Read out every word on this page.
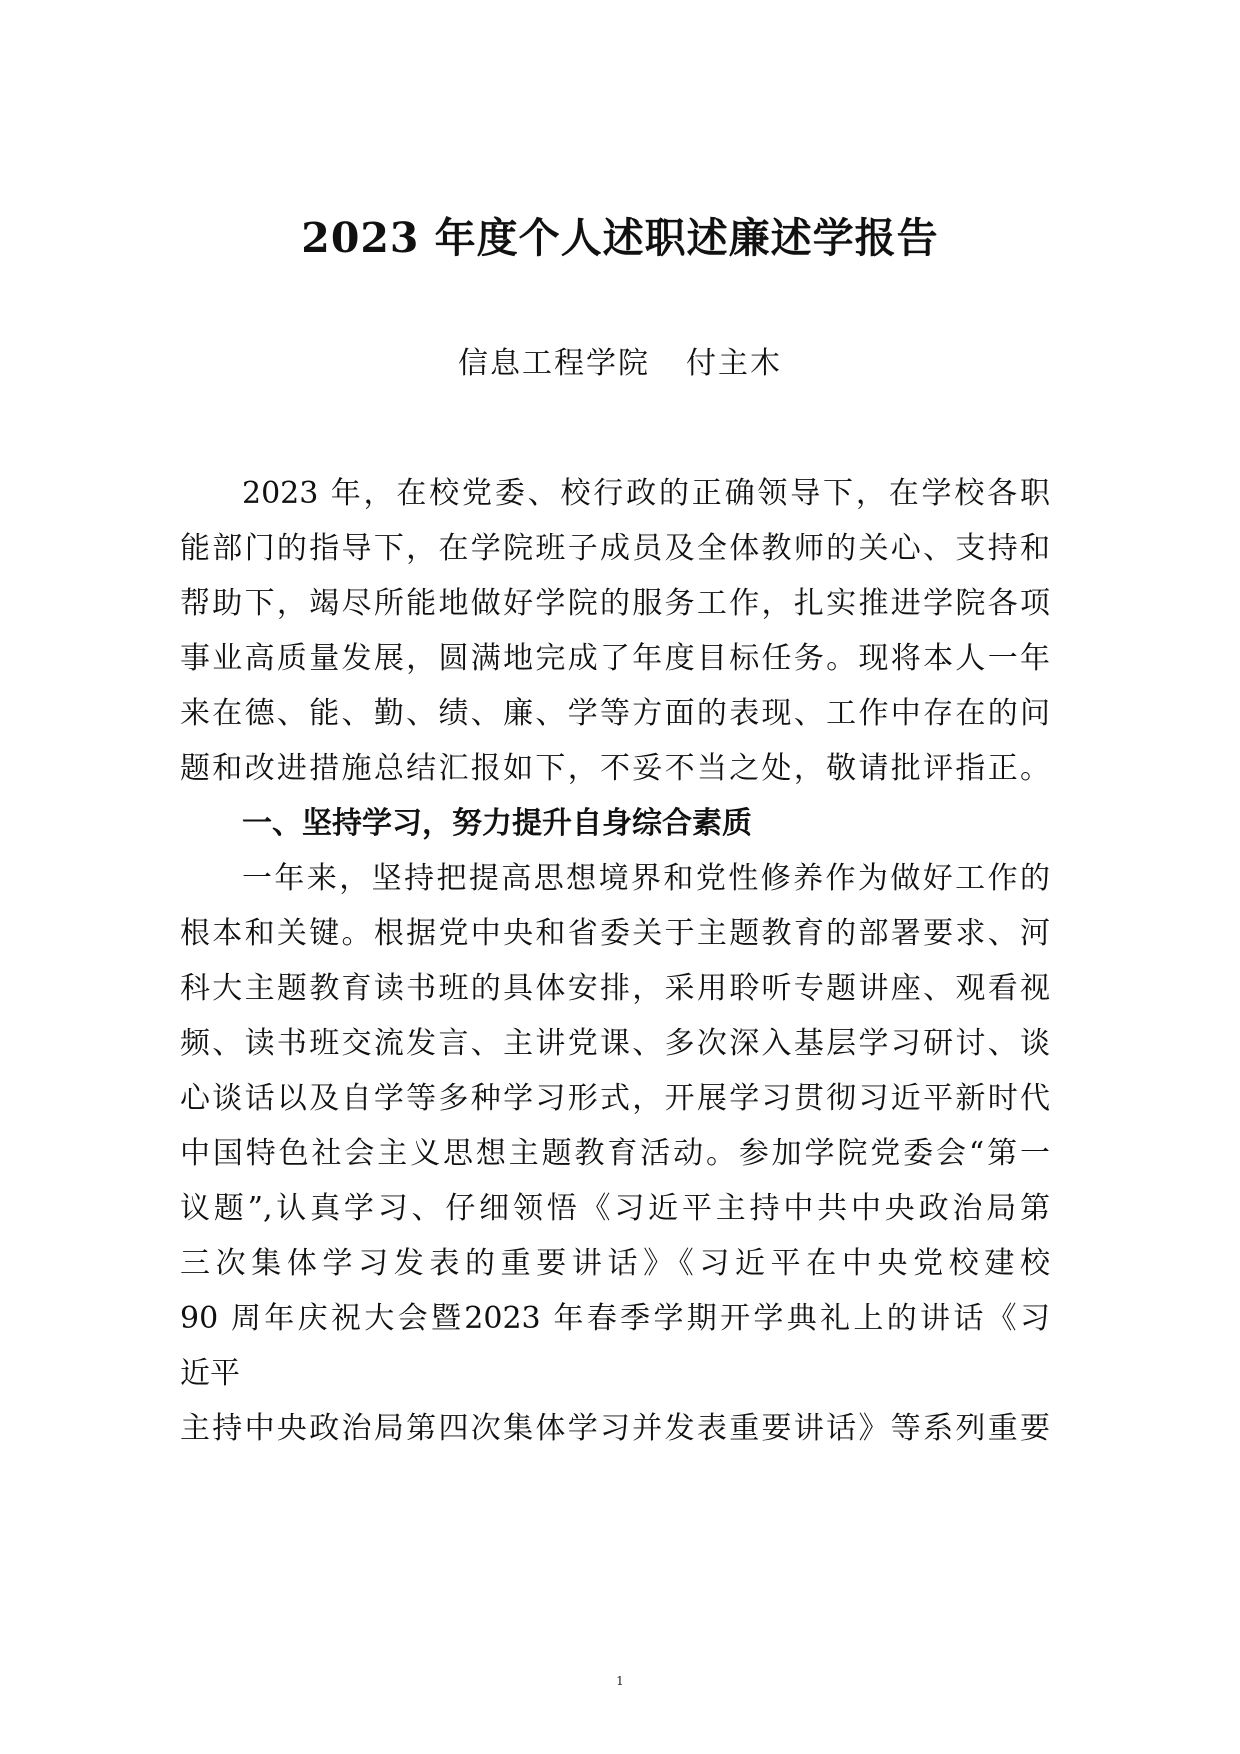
2023 年度个人述职述廉述学报告
信息工程学院 付主木
2023 年，在校党委、校行政的正确领导下，在学校各职
能部门的指导下，在学院班子成员及全体教师的关心、支持和
帮助下，竭尽所能地做好学院的服务工作，扎实推进学院各项
事业高质量发展，圆满地完成了年度目标任务。现将本人一年
来在德、能、勤、绩、廉、学等方面的表现、工作中存在的问
题和改进措施总结汇报如下，不妥不当之处，敬请批评指正。
一、坚持学习，努力提升自身综合素质
一年来，坚持把提高思想境界和党性修养作为做好工作的
根本和关键。根据党中央和省委关于主题教育的部署要求、河
科大主题教育读书班的具体安排，采用聆听专题讲座、观看视
频、读书班交流发言、主讲党课、多次深入基层学习研讨、谈
心谈话以及自学等多种学习形式，开展学习贯彻习近平新时代
中国特色社会主义思想主题教育活动。参加学院党委会“第一
议题”,认真学习、仔细领悟《习近平主持中共中央政治局第
三次集体学习发表的重要讲话》《习近平在中央党校建校
90 周年庆祝大会暨2023 年春季学期开学典礼上的讲话《习
近平
主持中央政治局第四次集体学习并发表重要讲话》等系列重要
1
